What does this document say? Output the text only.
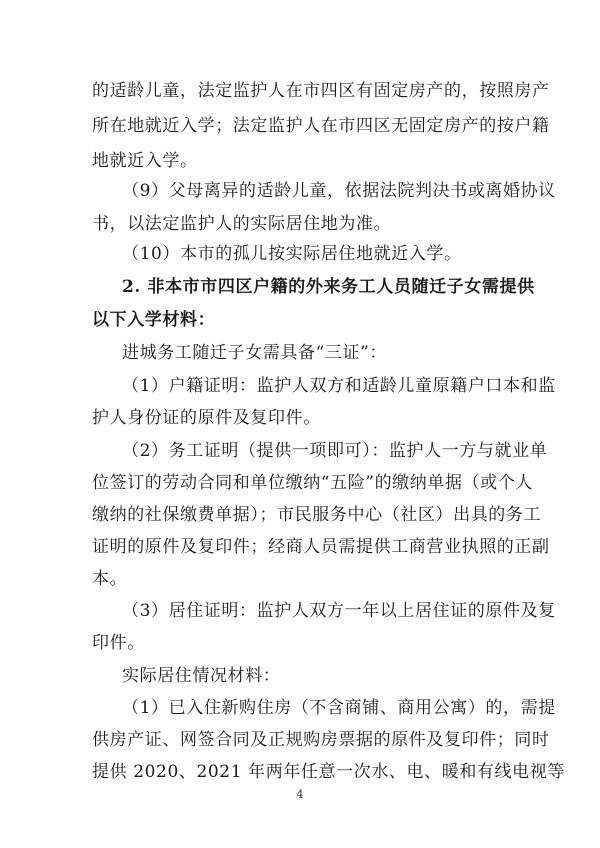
的适龄儿童，法定监护人在市四区有固定房产的，按照房产
所在地就近入学；法定监护人在市四区无固定房产的按户籍
地就近入学。
（9）父母离异的适龄儿童，依据法院判决书或离婚协议
书，以法定监护人的实际居住地为准。
（10）本市的孤儿按实际居住地就近入学。
2. 非本市市四区户籍的外来务工人员随迁子女需提供
以下入学材料：
进城务工随迁子女需具备“三证”：
（1）户籍证明：监护人双方和适龄儿童原籍户口本和监
护人身份证的原件及复印件。
（2）务工证明（提供一项即可）：监护人一方与就业单
位签订的劳动合同和单位缴纳“五险”的缴纳单据（或个人
缴纳的社保缴费单据）；市民服务中心（社区）出具的务工
证明的原件及复印件；经商人员需提供工商营业执照的正副
本。
（3）居住证明：监护人双方一年以上居住证的原件及复
印件。
实际居住情况材料：
（1）已入住新购住房（不含商铺、商用公寓）的，需提
供房产证、网签合同及正规购房票据的原件及复印件；同时
提供 2020、2021 年两年任意一次水、电、暖和有线电视等
4
